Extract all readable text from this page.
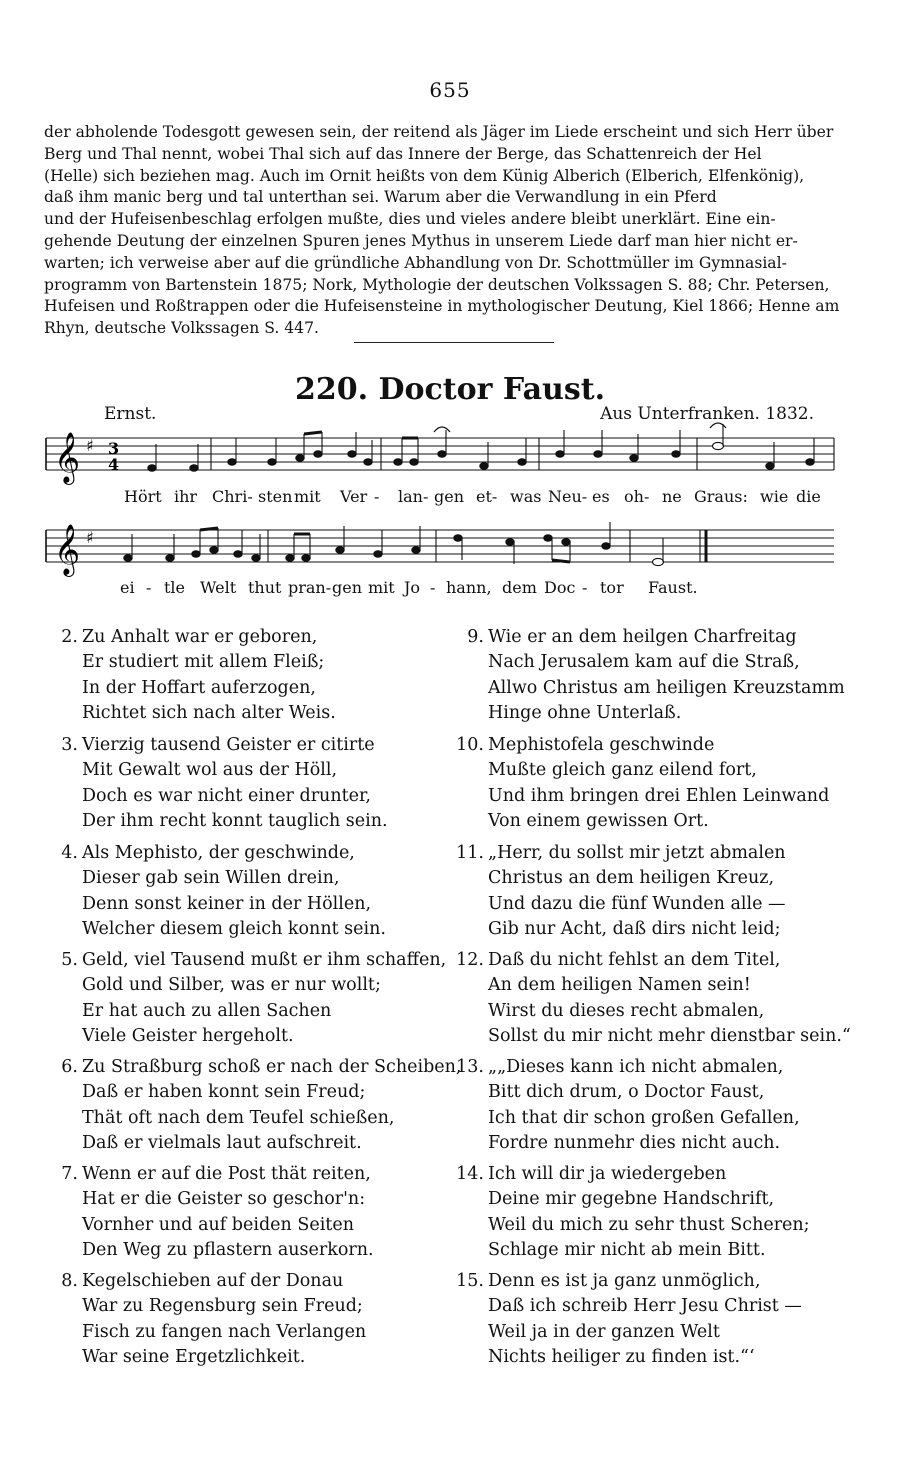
655
der abholende Todesgott gewesen sein, der reitend als Jäger im Liede erscheint und sich Herr über
Berg und Thal nennt, wobei Thal sich auf das Innere der Berge, das Schattenreich der Hel
(Helle) sich beziehen mag. Auch im Ornit heißts von dem Künig Alberich (Elberich, Elfenkönig),
daß ihm manic berg und tal unterthan sei. Warum aber die Verwandlung in ein Pferd
und der Hufeisenbeschlag erfolgen mußte, dies und vieles andere bleibt unerklärt. Eine ein-
gehende Deutung der einzelnen Spuren jenes Mythus in unserem Liede darf man hier nicht er-
warten; ich verweise aber auf die gründliche Abhandlung von Dr. Schottmüller im Gymnasial-
programm von Bartenstein 1875; Nork, Mythologie der deutschen Volkssagen S. 88; Chr. Petersen,
Hufeisen und Roßtrappen oder die Hufeisensteine in mythologischer Deutung, Kiel 1866; Henne am
Rhyn, deutsche Volkssagen S. 447.
220. Doctor Faust.
Ernst.	Aus Unterfranken. 1832.
𝄞 ♯ 3
4
Hört ihr Chri- sten mit Ver - lan- gen et- was Neu- es oh- ne Graus: wie die
𝄞 ♯
ei - tle Welt thut pran- gen mit Jo - hann, dem Doc - tor Faust.
2. Zu Anhalt war er geboren,
Er studiert mit allem Fleiß;
In der Hoffart auferzogen,
Richtet sich nach alter Weis.
3. Vierzig tausend Geister er citirte
Mit Gewalt wol aus der Höll,
Doch es war nicht einer drunter,
Der ihm recht konnt tauglich sein.
4. Als Mephisto, der geschwinde,
Dieser gab sein Willen drein,
Denn sonst keiner in der Höllen,
Welcher diesem gleich konnt sein.
5. Geld, viel Tausend mußt er ihm schaffen,
Gold und Silber, was er nur wollt;
Er hat auch zu allen Sachen
Viele Geister hergeholt.
6. Zu Straßburg schoß er nach der Scheiben,
Daß er haben konnt sein Freud;
Thät oft nach dem Teufel schießen,
Daß er vielmals laut aufschreit.
7. Wenn er auf die Post thät reiten,
Hat er die Geister so geschor'n:
Vornher und auf beiden Seiten
Den Weg zu pflastern auserkorn.
8. Kegelschieben auf der Donau
War zu Regensburg sein Freud;
Fisch zu fangen nach Verlangen
War seine Ergetzlichkeit.
9. Wie er an dem heilgen Charfreitag
Nach Jerusalem kam auf die Straß,
Allwo Christus am heiligen Kreuzstamm
Hinge ohne Unterlaß.
10. Mephistofela geschwinde
Mußte gleich ganz eilend fort,
Und ihm bringen drei Ehlen Leinwand
Von einem gewissen Ort.
11. „Herr, du sollst mir jetzt abmalen
Christus an dem heiligen Kreuz,
Und dazu die fünf Wunden alle —
Gib nur Acht, daß dirs nicht leid;
12. Daß du nicht fehlst an dem Titel,
An dem heiligen Namen sein!
Wirst du dieses recht abmalen,
Sollst du mir nicht mehr dienstbar sein.“
13. „„Dieses kann ich nicht abmalen,
Bitt dich drum, o Doctor Faust,
Ich that dir schon großen Gefallen,
Fordre nunmehr dies nicht auch.
14. Ich will dir ja wiedergeben
Deine mir gegebne Handschrift,
Weil du mich zu sehr thust Scheren;
Schlage mir nicht ab mein Bitt.
15. Denn es ist ja ganz unmöglich,
Daß ich schreib Herr Jesu Christ —
Weil ja in der ganzen Welt
Nichts heiliger zu finden ist.“‘
